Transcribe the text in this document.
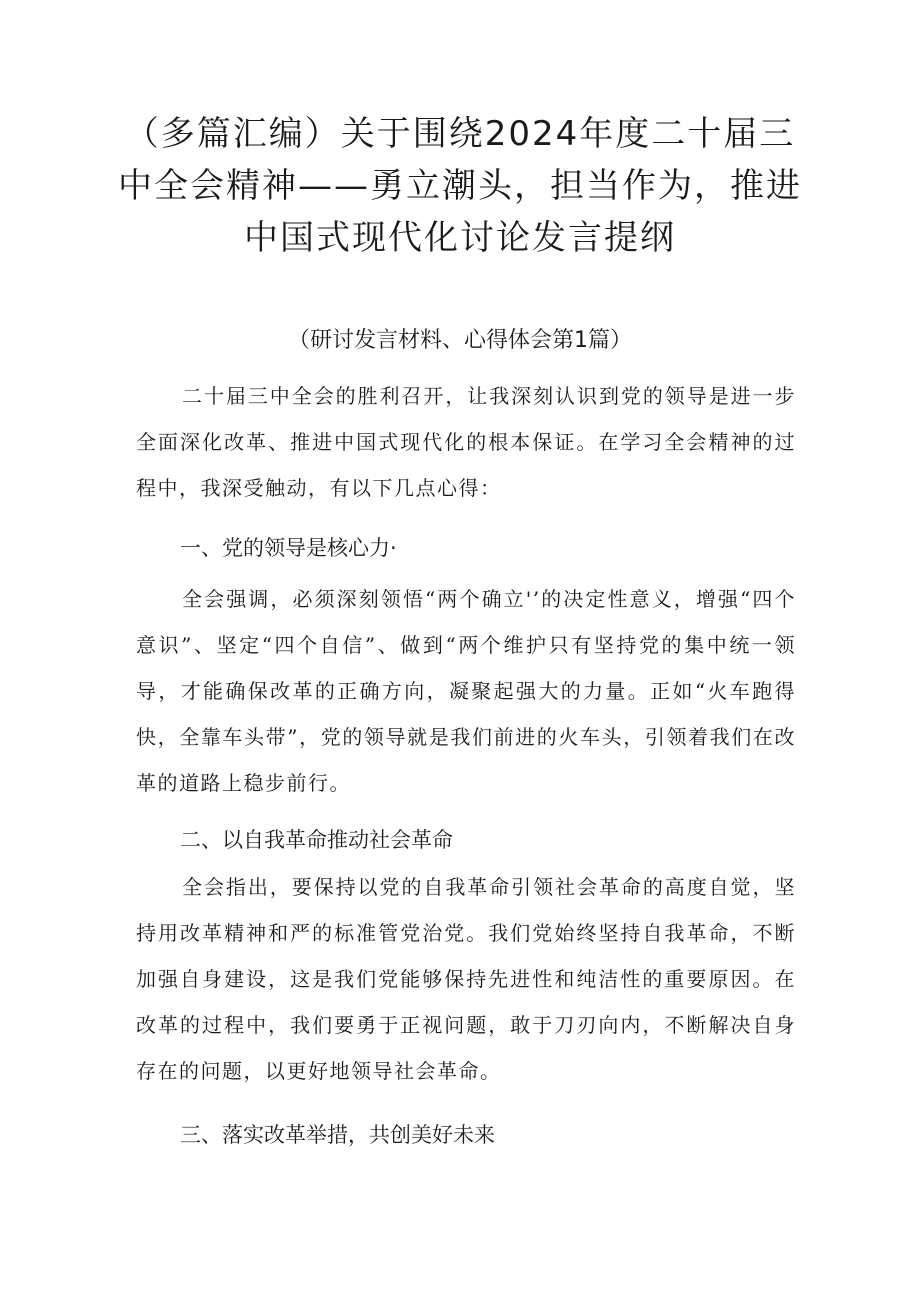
（多篇汇编）关于围绕2024年度二十届三中全会精神——勇立潮头，担当作为，推进中国式现代化讨论发言提纲

（研讨发言材料、心得体会第1篇）

二十届三中全会的胜利召开，让我深刻认识到党的领导是进一步全面深化改革、推进中国式现代化的根本保证。在学习全会精神的过程中，我深受触动，有以下几点心得：

一、党的领导是核心力·

全会强调，必须深刻领悟“两个确立'’的决定性意义，增强“四个意识”、坚定“四个自信”、做到“两个维护只有坚持党的集中统一领导，才能确保改革的正确方向，凝聚起强大的力量。正如“火车跑得快，全靠车头带”，党的领导就是我们前进的火车头，引领着我们在改革的道路上稳步前行。

二、以自我革命推动社会革命

全会指出，要保持以党的自我革命引领社会革命的高度自觉，坚持用改革精神和严的标准管党治党。我们党始终坚持自我革命，不断加强自身建设，这是我们党能够保持先进性和纯洁性的重要原因。在改革的过程中，我们要勇于正视问题，敢于刀刃向内，不断解决自身存在的问题，以更好地领导社会革命。

三、落实改革举措，共创美好未来
